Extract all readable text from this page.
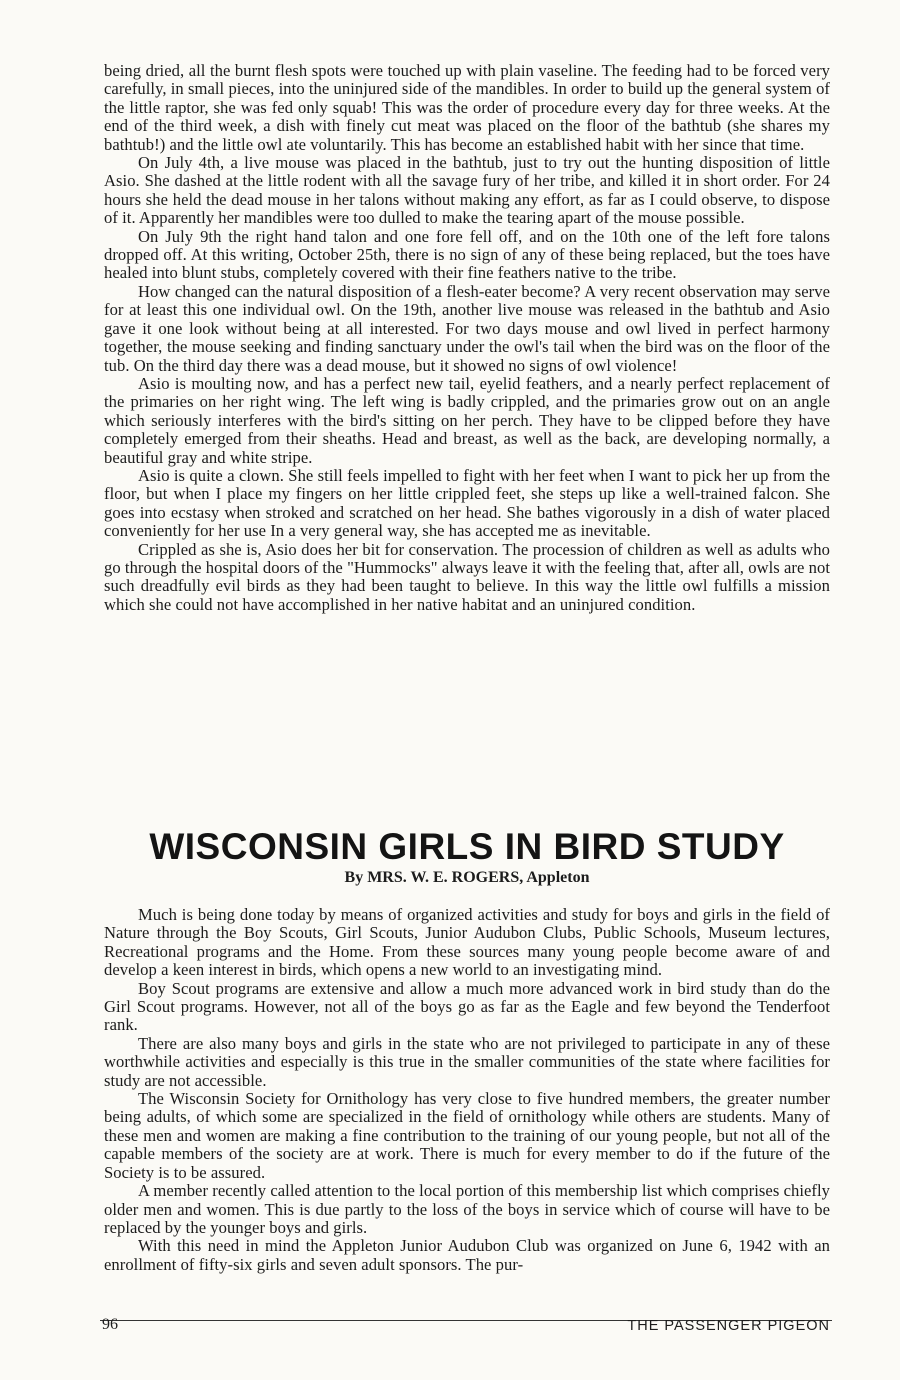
being dried, all the burnt flesh spots were touched up with plain vaseline. The feeding had to be forced very carefully, in small pieces, into the uninjured side of the mandibles. In order to build up the general system of the little raptor, she was fed only squab! This was the order of procedure every day for three weeks. At the end of the third week, a dish with finely cut meat was placed on the floor of the bathtub (she shares my bathtub!) and the little owl ate voluntarily. This has become an established habit with her since that time.

On July 4th, a live mouse was placed in the bathtub, just to try out the hunting disposition of little Asio. She dashed at the little rodent with all the savage fury of her tribe, and killed it in short order. For 24 hours she held the dead mouse in her talons without making any effort, as far as I could observe, to dispose of it. Apparently her mandibles were too dulled to make the tearing apart of the mouse possible.

On July 9th the right hand talon and one fore fell off, and on the 10th one of the left fore talons dropped off. At this writing, October 25th, there is no sign of any of these being replaced, but the toes have healed into blunt stubs, completely covered with their fine feathers native to the tribe.

How changed can the natural disposition of a flesh-eater become? A very recent observation may serve for at least this one individual owl. On the 19th, another live mouse was released in the bathtub and Asio gave it one look without being at all interested. For two days mouse and owl lived in perfect harmony together, the mouse seeking and finding sanctuary under the owl's tail when the bird was on the floor of the tub. On the third day there was a dead mouse, but it showed no signs of owl violence!

Asio is moulting now, and has a perfect new tail, eyelid feathers, and a nearly perfect replacement of the primaries on her right wing. The left wing is badly crippled, and the primaries grow out on an angle which seriously interferes with the bird's sitting on her perch. They have to be clipped before they have completely emerged from their sheaths. Head and breast, as well as the back, are developing normally, a beautiful gray and white stripe.

Asio is quite a clown. She still feels impelled to fight with her feet when I want to pick her up from the floor, but when I place my fingers on her little crippled feet, she steps up like a well-trained falcon. She goes into ecstasy when stroked and scratched on her head. She bathes vigorously in a dish of water placed conveniently for her use In a very general way, she has accepted me as inevitable.

Crippled as she is, Asio does her bit for conservation. The procession of children as well as adults who go through the hospital doors of the "Hummocks" always leave it with the feeling that, after all, owls are not such dreadfully evil birds as they had been taught to believe. In this way the little owl fulfills a mission which she could not have accomplished in her native habitat and an uninjured condition.

WISCONSIN GIRLS IN BIRD STUDY

By MRS. W. E. ROGERS, Appleton

Much is being done today by means of organized activities and study for boys and girls in the field of Nature through the Boy Scouts, Girl Scouts, Junior Audubon Clubs, Public Schools, Museum lectures, Recreational programs and the Home. From these sources many young people become aware of and develop a keen interest in birds, which opens a new world to an investigating mind.

Boy Scout programs are extensive and allow a much more advanced work in bird study than do the Girl Scout programs. However, not all of the boys go as far as the Eagle and few beyond the Tenderfoot rank.

There are also many boys and girls in the state who are not privileged to participate in any of these worthwhile activities and especially is this true in the smaller communities of the state where facilities for study are not accessible.

The Wisconsin Society for Ornithology has very close to five hundred members, the greater number being adults, of which some are specialized in the field of ornithology while others are students. Many of these men and women are making a fine contribution to the training of our young people, but not all of the capable members of the society are at work. There is much for every member to do if the future of the Society is to be assured.

A member recently called attention to the local portion of this membership list which comprises chiefly older men and women. This is due partly to the loss of the boys in service which of course will have to be replaced by the younger boys and girls.

With this need in mind the Appleton Junior Audubon Club was organized on June 6, 1942 with an enrollment of fifty-six girls and seven adult sponsors. The pur-

96	THE PASSENGER PIGEON
